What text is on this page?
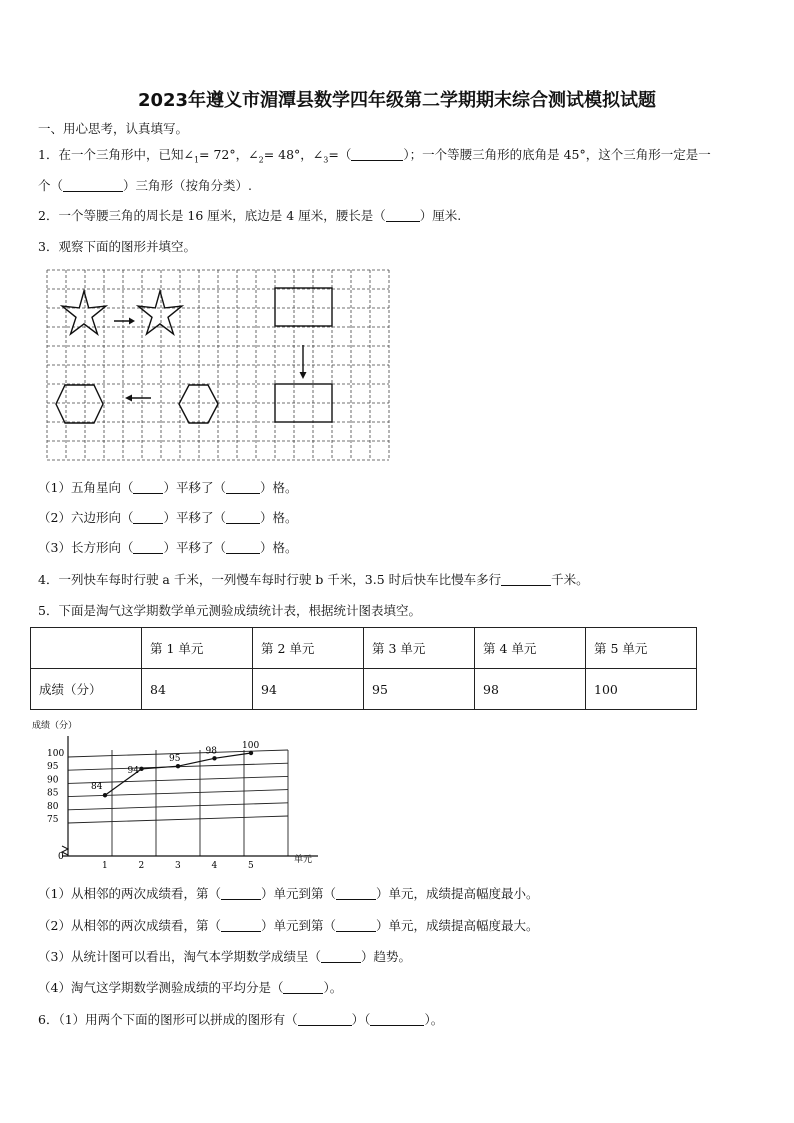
2023年遵义市湄潭县数学四年级第二学期期末综合测试模拟试题
一、用心思考，认真填写。
1．在一个三角形中，已知$\angle_1= 72^\circ$，$\angle_2= 48^\circ$，$\angle_3=$（	）；一个等腰三角形的底角是 45°，这个三角形一定是一
个（	）三角形（按角分类）.
2．一个等腰三角的周长是 16 厘米，底边是 4 厘米，腰长是（	）厘米.
3．观察下面的图形并填空。
（1）五角星向（ ）平移了（	）格。
（2）六边形向（ ）平移了（	）格。
（3）长方形向（ ）平移了（	）格。
4．一列快车每时行驶 a 千米，一列慢车每时行驶 b 千米，3.5 时后快车比慢车多行	千米。
5．下面是淘气这学期数学单元测验成绩统计表，根据统计图表填空。
	第 1 单元	第 2 单元	第 3 单元	第 4 单元	第 5 单元
成绩（分）	84	94	95	98	100
成绩（分）
单元
100
95
90
85
80
75
0
1	2	3	4	5
84
94
95
98
100
（1）从相邻的两次成绩看，第（	）单元到第（	）单元，成绩提高幅度最小。
（2）从相邻的两次成绩看，第（	）单元到第（	）单元，成绩提高幅度最大。
（3）从统计图可以看出，淘气本学期数学成绩呈（	）趋势。
（4）淘气这学期数学测验成绩的平均分是（	）。
6．（1）用两个下面的图形可以拼成的图形有（	）（	）。
